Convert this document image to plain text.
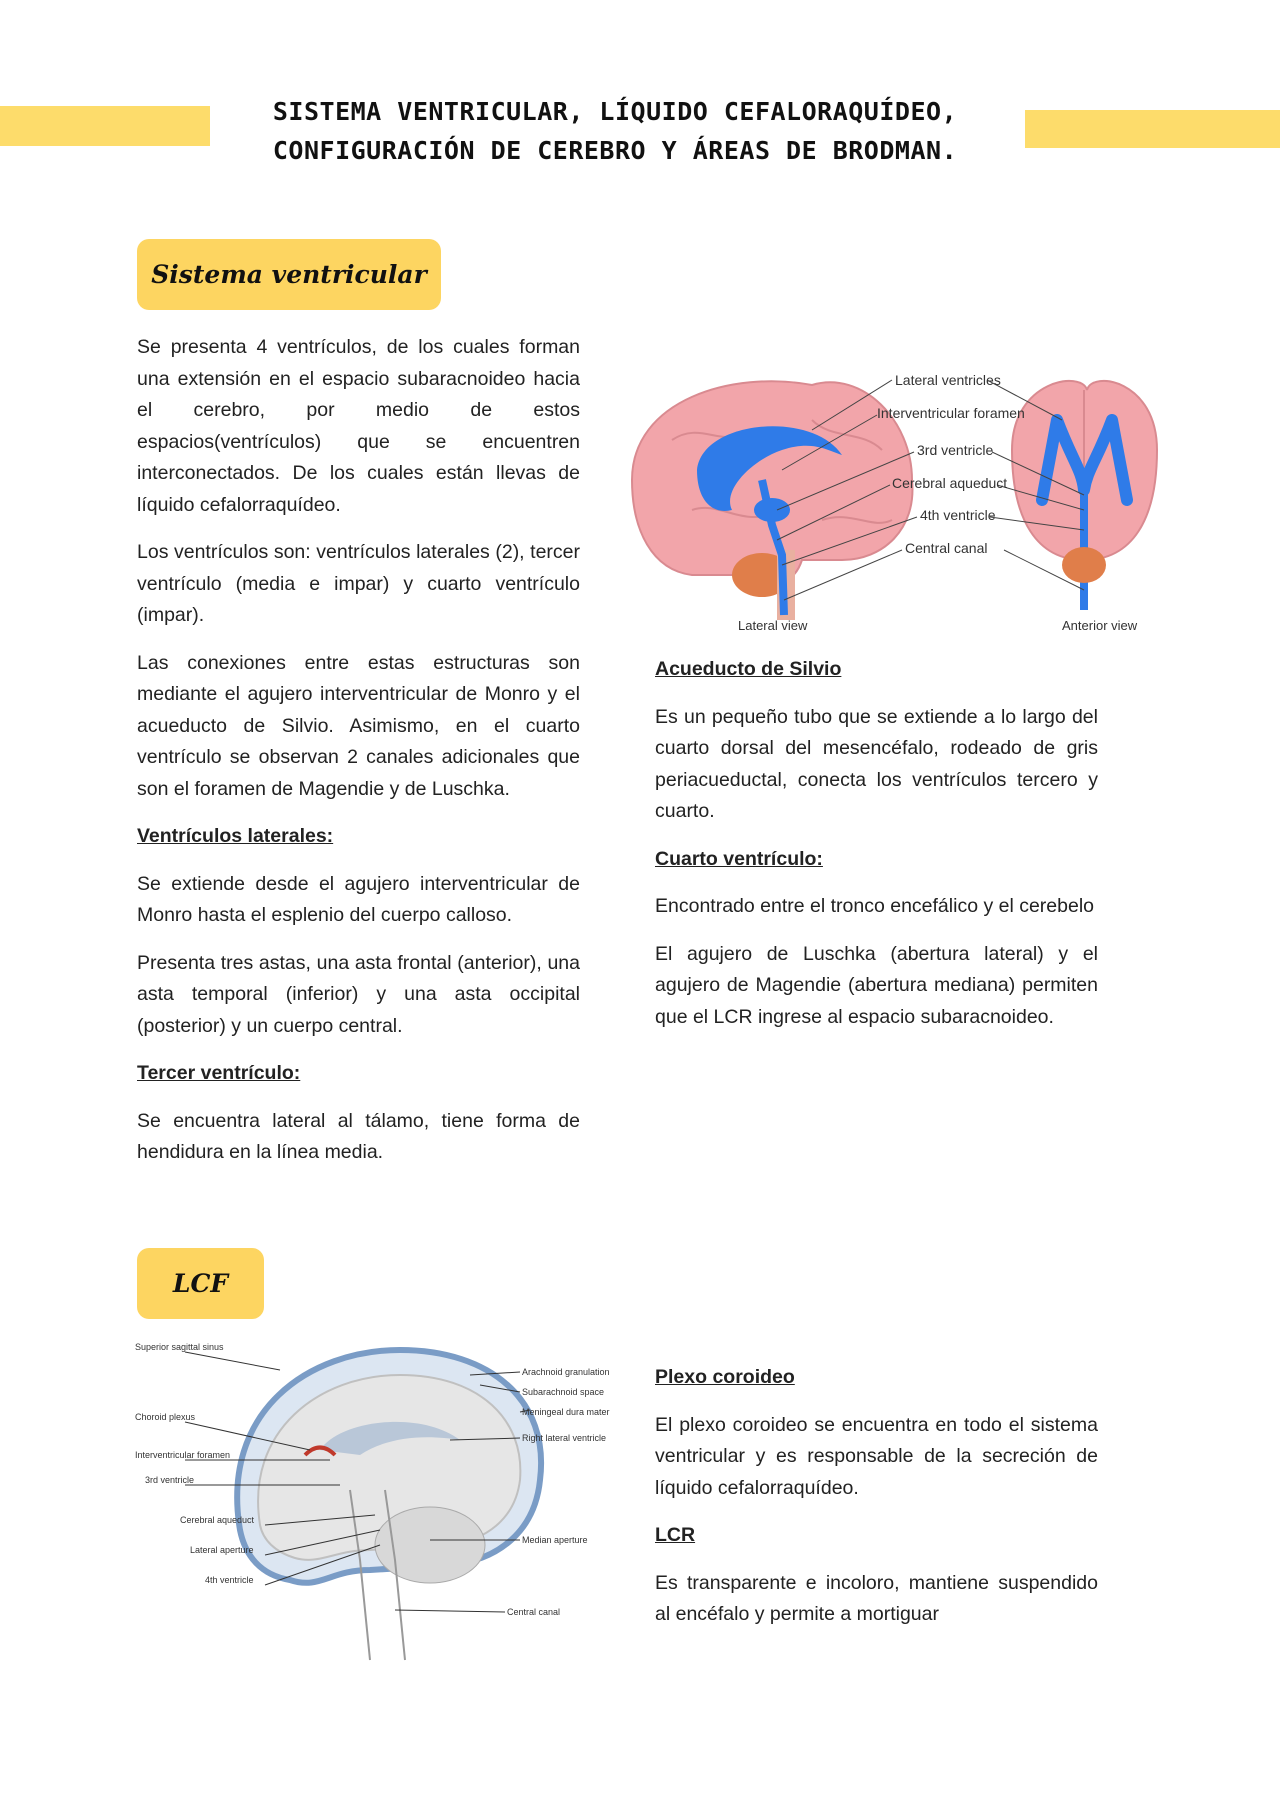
SISTEMA VENTRICULAR, LÍQUIDO CEFALORAQUÍDEO,
CONFIGURACIÓN DE CEREBRO Y ÁREAS DE BRODMAN.
Sistema ventricular

Se presenta 4 ventrículos, de los cuales forman una extensión en el espacio subaracnoideo hacia el cerebro, por medio de estos espacios(ventrículos) que se encuentren interconectados. De los cuales están llevas de líquido cefalorraquídeo.

Los ventrículos son: ventrículos laterales (2), tercer ventrículo (media e impar) y cuarto ventrículo (impar).

Las conexiones entre estas estructuras son mediante el agujero interventricular de Monro y el acueducto de Silvio. Asimismo, en el cuarto ventrículo se observan 2 canales adicionales que son el foramen de Magendie y de Luschka.

Ventrículos laterales:

Se extiende desde el agujero interventricular de Monro hasta el esplenio del cuerpo calloso.

Presenta tres astas, una asta frontal (anterior), una asta temporal (inferior) y una asta occipital (posterior) y un cuerpo central.

Tercer ventrículo:

Se encuentra lateral al tálamo, tiene forma de hendidura en la línea media.

Lateral ventricles
Interventricular foramen
3rd ventricle
Cerebral aqueduct
4th ventricle
Central canal
Lateral view	Anterior view
Acueducto de Silvio

Es un pequeño tubo que se extiende a lo largo del cuarto dorsal del mesencéfalo, rodeado de gris periacueductal, conecta los ventrículos tercero y cuarto.

Cuarto ventrículo:

Encontrado entre el tronco encefálico y el cerebelo

El agujero de Luschka (abertura lateral) y el agujero de Magendie (abertura mediana) permiten que el LCR ingrese al espacio subaracnoideo.

LCF
Superior sagittal sinus
Choroid plexus
Interventricular foramen
3rd ventricle
Cerebral aqueduct
Lateral aperture
4th ventricle
Arachnoid granulation
Subarachnoid space
Meningeal dura mater
Right lateral ventricle
Median aperture
Central canal
Plexo coroideo

El plexo coroideo se encuentra en todo el sistema ventricular y es responsable de la secreción de líquido cefalorraquídeo.

LCR

Es transparente e incoloro, mantiene suspendido al encéfalo y permite a mortiguar
